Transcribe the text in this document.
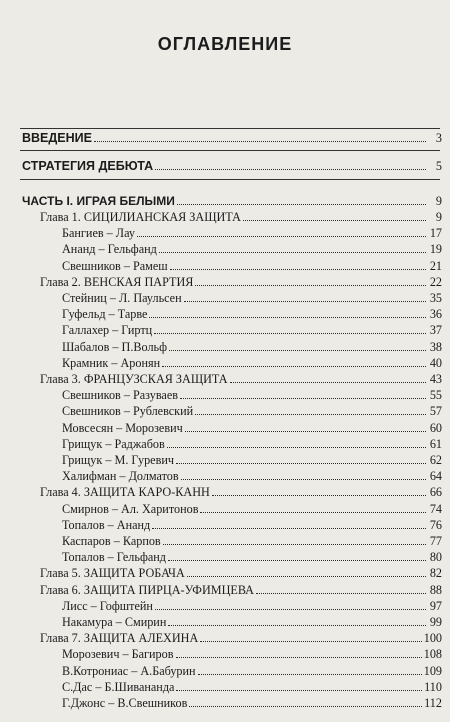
ОГЛАВЛЕНИЕ
ВВЕДЕНИЕ	3
СТРАТЕГИЯ ДЕБЮТА	5
ЧАСТЬ I. ИГРАЯ БЕЛЫМИ	9
Глава 1. СИЦИЛИАНСКАЯ ЗАЩИТА	9
Бангиев – Лау	17
Ананд – Гельфанд	19
Свешников – Рамеш	21
Глава 2. ВЕНСКАЯ ПАРТИЯ	22
Стейниц – Л. Паульсен	35
Гуфельд – Тарве	36
Галлахер – Гиртц	37
Шабалов – П.Вольф	38
Крамник – Аронян	40
Глава 3. ФРАНЦУЗСКАЯ ЗАЩИТА	43
Свешников – Разуваев	55
Свешников – Рублевский	57
Мовсесян – Морозевич	60
Грищук – Раджабов	61
Грищук – М. Гуревич	62
Халифман – Долматов	64
Глава 4. ЗАЩИТА КАРО-КАНН	66
Смирнов – Ал. Харитонов	74
Топалов – Ананд	76
Каспаров – Карпов	77
Топалов – Гельфанд	80
Глава 5. ЗАЩИТА РОБАЧА	82
Глава 6. ЗАЩИТА ПИРЦА-УФИМЦЕВА	88
Лисс – Гофштейн	97
Накамура – Смирин	99
Глава 7. ЗАЩИТА АЛЕХИНА	100
Морозевич – Багиров	108
В.Котрониас – А.Бабурин	109
С.Дас – Б.Шиванандa	110
Г.Джонс – В.Свешников	112
